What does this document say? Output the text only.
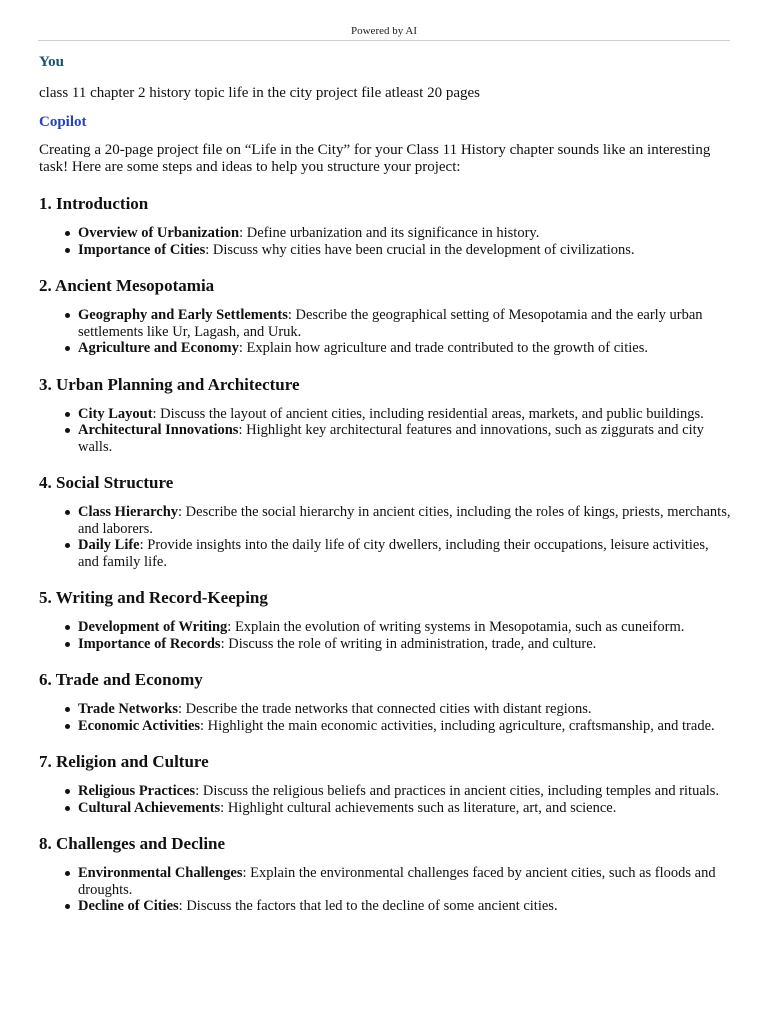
Powered by AI

You

class 11 chapter 2 history topic life in the city project file atleast 20 pages

Copilot

Creating a 20-page project file on “Life in the City” for your Class 11 History chapter sounds like an interesting task! Here are some steps and ideas to help you structure your project:

1. Introduction
Overview of Urbanization: Define urbanization and its significance in history.
Importance of Cities: Discuss why cities have been crucial in the development of civilizations.
2. Ancient Mesopotamia
Geography and Early Settlements: Describe the geographical setting of Mesopotamia and the early urban settlements like Ur, Lagash, and Uruk.
Agriculture and Economy: Explain how agriculture and trade contributed to the growth of cities.
3. Urban Planning and Architecture
City Layout: Discuss the layout of ancient cities, including residential areas, markets, and public buildings.
Architectural Innovations: Highlight key architectural features and innovations, such as ziggurats and city walls.
4. Social Structure
Class Hierarchy: Describe the social hierarchy in ancient cities, including the roles of kings, priests, merchants, and laborers.
Daily Life: Provide insights into the daily life of city dwellers, including their occupations, leisure activities, and family life.
5. Writing and Record-Keeping
Development of Writing: Explain the evolution of writing systems in Mesopotamia, such as cuneiform.
Importance of Records: Discuss the role of writing in administration, trade, and culture.
6. Trade and Economy
Trade Networks: Describe the trade networks that connected cities with distant regions.
Economic Activities: Highlight the main economic activities, including agriculture, craftsmanship, and trade.
7. Religion and Culture
Religious Practices: Discuss the religious beliefs and practices in ancient cities, including temples and rituals.
Cultural Achievements: Highlight cultural achievements such as literature, art, and science.
8. Challenges and Decline
Environmental Challenges: Explain the environmental challenges faced by ancient cities, such as floods and droughts.
Decline of Cities: Discuss the factors that led to the decline of some ancient cities.
